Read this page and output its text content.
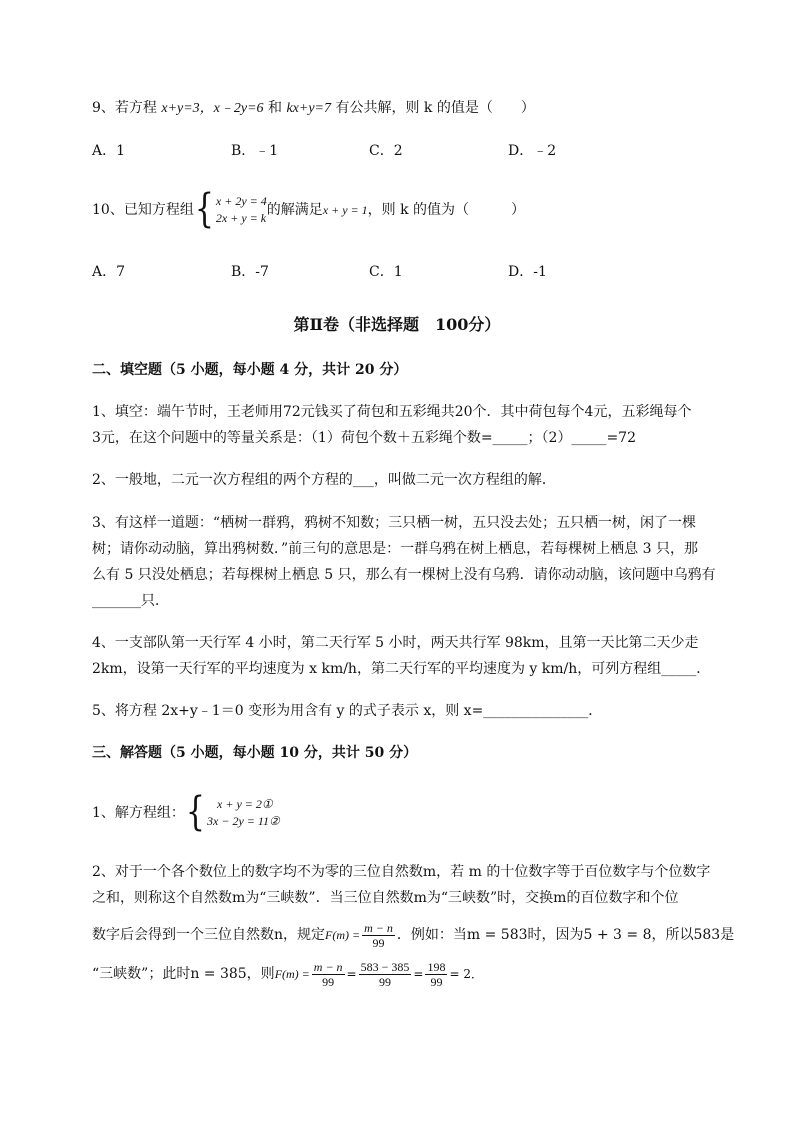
9、若方程 x+y=3，x﹣2y=6 和 kx+y=7 有公共解，则 k 的值是（　　）
A．1	B．﹣1	C．2	D．﹣2
10、已知方程组{ x + 2y = 4
2x + y = k 的解满足x + y = 1，则 k 的值为（　　　）
A．7	B．-7	C．1	D．-1
第Ⅱ卷（非选择题　100分）
二、填空题（5 小题，每小题 4 分，共计 20 分）
1、填空：端午节时，王老师用72元钱买了荷包和五彩绳共20个．其中荷包每个4元，五彩绳每个
3元，在这个问题中的等量关系是：（1）荷包个数＋五彩绳个数=_____；（2）_____=72
2、一般地，二元一次方程组的两个方程的___，叫做二元一次方程组的解．
3、有这样一道题：“栖树一群鸦，鸦树不知数；三只栖一树，五只没去处；五只栖一树，闲了一棵
树；请你动动脑，算出鸦树数．”前三句的意思是：一群乌鸦在树上栖息，若每棵树上栖息 3 只，那
么有 5 只没处栖息；若每棵树上栖息 5 只，那么有一棵树上没有乌鸦．请你动动脑，该问题中乌鸦有
_______只．
4、一支部队第一天行军 4 小时，第二天行军 5 小时，两天共行军 98km，且第一天比第二天少走
2km，设第一天行军的平均速度为 x km/h，第二天行军的平均速度为 y km/h，可列方程组_____．
5、将方程 2x+y﹣1＝0 变形为用含有 y 的式子表示 x，则 x=_______________．
三、解答题（5 小题，每小题 10 分，共计 50 分）
1、解方程组：{	x + y = 2①
3x − 2y = 11②
2、对于一个各个数位上的数字均不为零的三位自然数m，若 m 的十位数字等于百位数字与个位数字
之和，则称这个自然数m为“三峡数”．当三位自然数m为“三峡数”时，交换m的百位数字和个位
数字后会得到一个三位自然数n，规定$F(m) = \frac{m - n}{99}$ ．例如：当m = 583时，因为5 + 3 = 8，所以583是
“三峡数”；此时n = 385，则$F(m) = \frac{m - n}{99} = \frac{583 - 385}{99} = \frac{198}{99} = 2$．
